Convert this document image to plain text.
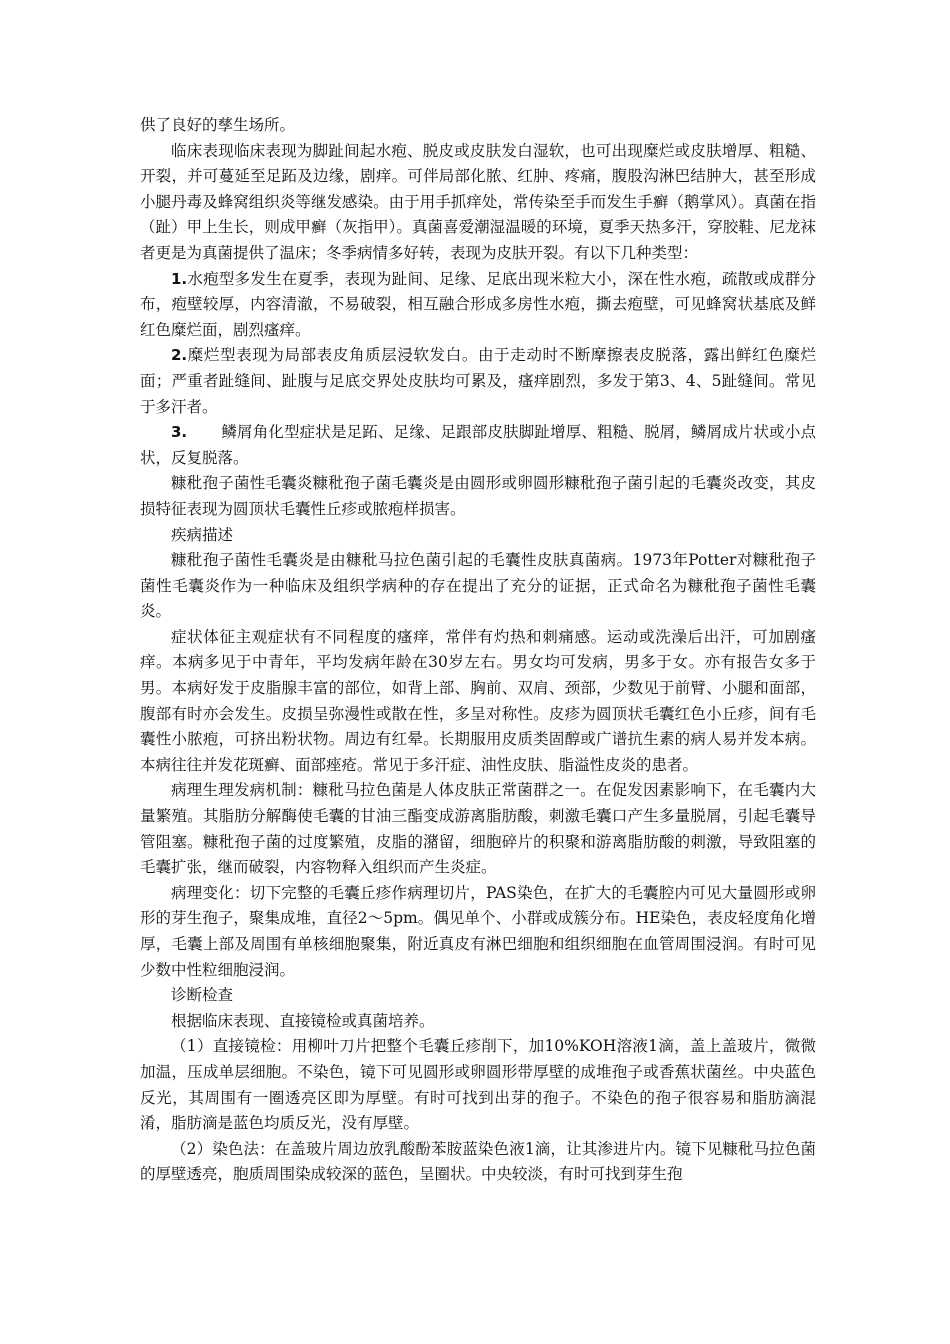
供了良好的孳生场所。

临床表现临床表现为脚趾间起水疱、脱皮或皮肤发白湿软，也可出现糜烂或皮肤增厚、粗糙、开裂，并可蔓延至足跖及边缘，剧痒。可伴局部化脓、红肿、疼痛，腹股沟淋巴结肿大，甚至形成小腿丹毒及蜂窝组织炎等继发感染。由于用手抓痒处，常传染至手而发生手癣（鹅掌风）。真菌在指（趾）甲上生长，则成甲癣（灰指甲）。真菌喜爱潮湿温暖的环境，夏季天热多汗，穿胶鞋、尼龙袜者更是为真菌提供了温床；冬季病情多好转，表现为皮肤开裂。有以下几种类型：

1.水疱型多发生在夏季，表现为趾间、足缘、足底出现米粒大小，深在性水疱，疏散或成群分布，疱壁较厚，内容清澈，不易破裂，相互融合形成多房性水疱，撕去疱壁，可见蜂窝状基底及鲜红色糜烂面，剧烈瘙痒。

2.糜烂型表现为局部表皮角质层浸软发白。由于走动时不断摩擦表皮脱落，露出鲜红色糜烂面；严重者趾缝间、趾腹与足底交界处皮肤均可累及，瘙痒剧烈，多发于第3、4、5趾缝间。常见于多汗者。

3. 鳞屑角化型症状是足跖、足缘、足跟部皮肤脚趾增厚、粗糙、脱屑，鳞屑成片状或小点状，反复脱落。

糠秕孢子菌性毛囊炎糠秕孢子菌毛囊炎是由圆形或卵圆形糠秕孢子菌引起的毛囊炎改变，其皮损特征表现为圆顶状毛囊性丘疹或脓疱样损害。

疾病描述

糠秕孢子菌性毛囊炎是由糠秕马拉色菌引起的毛囊性皮肤真菌病。1973年Potter对糠秕孢子菌性毛囊炎作为一种临床及组织学病种的存在提出了充分的证据，正式命名为糠秕孢子菌性毛囊炎。

症状体征主观症状有不同程度的瘙痒，常伴有灼热和刺痛感。运动或洗澡后出汗，可加剧瘙痒。本病多见于中青年，平均发病年龄在30岁左右。男女均可发病，男多于女。亦有报告女多于男。本病好发于皮脂腺丰富的部位，如背上部、胸前、双肩、颈部，少数见于前臂、小腿和面部，腹部有时亦会发生。皮损呈弥漫性或散在性，多呈对称性。皮疹为圆顶状毛囊红色小丘疹，间有毛囊性小脓疱，可挤出粉状物。周边有红晕。长期服用皮质类固醇或广谱抗生素的病人易并发本病。本病往往并发花斑癣、面部痤疮。常见于多汗症、油性皮肤、脂溢性皮炎的患者。

病理生理发病机制：糠秕马拉色菌是人体皮肤正常菌群之一。在促发因素影响下，在毛囊内大量繁殖。其脂肪分解酶使毛囊的甘油三酯变成游离脂肪酸，刺激毛囊口产生多量脱屑，引起毛囊导管阻塞。糠秕孢子菌的过度繁殖，皮脂的潴留，细胞碎片的积聚和游离脂肪酸的刺激，导致阻塞的毛囊扩张，继而破裂，内容物释入组织而产生炎症。

病理变化：切下完整的毛囊丘疹作病理切片，PAS染色，在扩大的毛囊腔内可见大量圆形或卵形的芽生孢子，聚集成堆，直径2～5pm。偶见单个、小群或成簇分布。HE染色，表皮轻度角化增厚，毛囊上部及周围有单核细胞聚集，附近真皮有淋巴细胞和组织细胞在血管周围浸润。有时可见少数中性粒细胞浸润。

诊断检查

根据临床表现、直接镜检或真菌培养。

（1）直接镜检：用柳叶刀片把整个毛囊丘疹削下，加10%KOH溶液1滴，盖上盖玻片，微微加温，压成单层细胞。不染色，镜下可见圆形或卵圆形带厚壁的成堆孢子或香蕉状菌丝。中央蓝色反光，其周围有一圈透亮区即为厚壁。有时可找到出芽的孢子。不染色的孢子很容易和脂肪滴混淆，脂肪滴是蓝色均质反光，没有厚壁。

（2）染色法：在盖玻片周边放乳酸酚苯胺蓝染色液1滴，让其渗进片内。镜下见糠秕马拉色菌的厚壁透亮，胞质周围染成较深的蓝色，呈圈状。中央较淡，有时可找到芽生孢
